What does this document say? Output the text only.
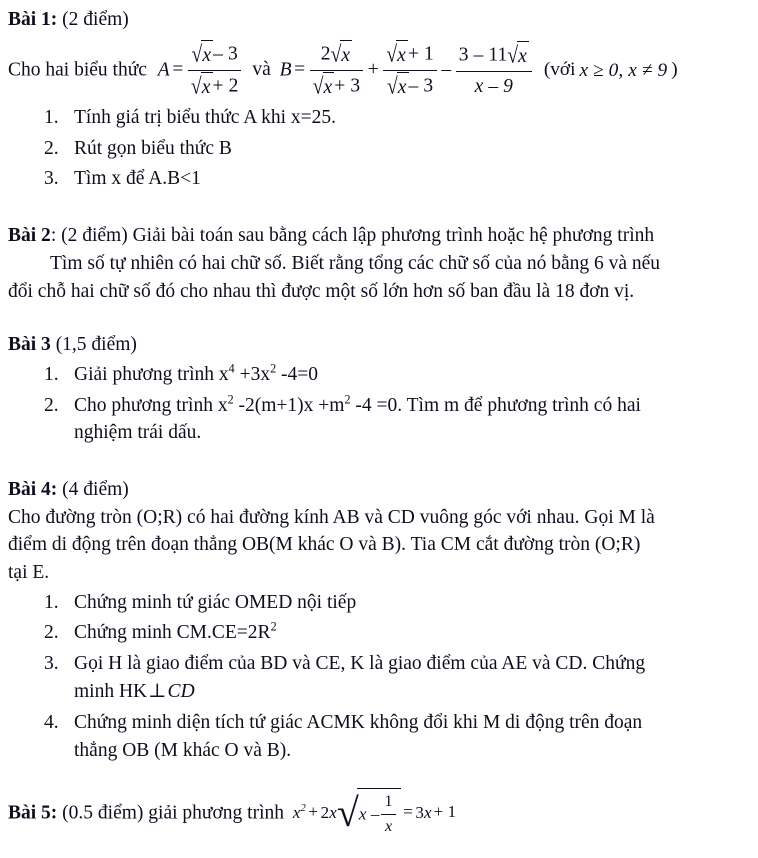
Bài 1: (2 điểm)

Cho hai biểu thức $A = \frac{√x - 3}{√x + 2}$ và $B = \frac{2√x}{√x + 3} + \frac{√x + 1}{√x - 3} - \frac{3 - 11√x}{x - 9}$ (với x ≥ 0, x ≠ 9 )

Tính giá trị biểu thức A khi x=25.
Rút gọn biểu thức B
Tìm x để A.B<1

Bài 2: (2 điểm) Giải bài toán sau bằng cách lập phương trình hoặc hệ phương trình

Tìm số tự nhiên có hai chữ số. Biết rằng tổng các chữ số của nó bằng 6 và nếu

đổi chỗ hai chữ số đó cho nhau thì được một số lớn hơn số ban đầu là 18 đơn vị.

Bài 3 (1,5 điểm)

Giải phương trình $x^4 +3x^2$ -4=0
Cho phương trình $x^2$ $-2(m+1)x +m^2$ -4 =0. Tìm m để phương trình có hai
nghiệm trái dấu.

Bài 4: (4 điểm)

Cho đường tròn (O;R) có hai đường kính AB và CD vuông góc với nhau. Gọi M là

điểm di động trên đoạn thẳng OB(M khác O và B). Tia CM cắt đường tròn (O;R)

tại E.

Chứng minh tứ giác OMED nội tiếp
Chứng minh $CM.CE=2R^2$
Gọi H là giao điểm của BD và CE, K là giao điểm của AE và CD. Chứng
minh HK⊥CD
Chứng minh diện tích tứ giác ACMK không đổi khi M di động trên đoạn
thẳng OB (M khác O và B).

Bài 5: (0.5 điểm) giải phương trình $x^2 + 2x√x - \frac{1}{x} = 3x + 1$
